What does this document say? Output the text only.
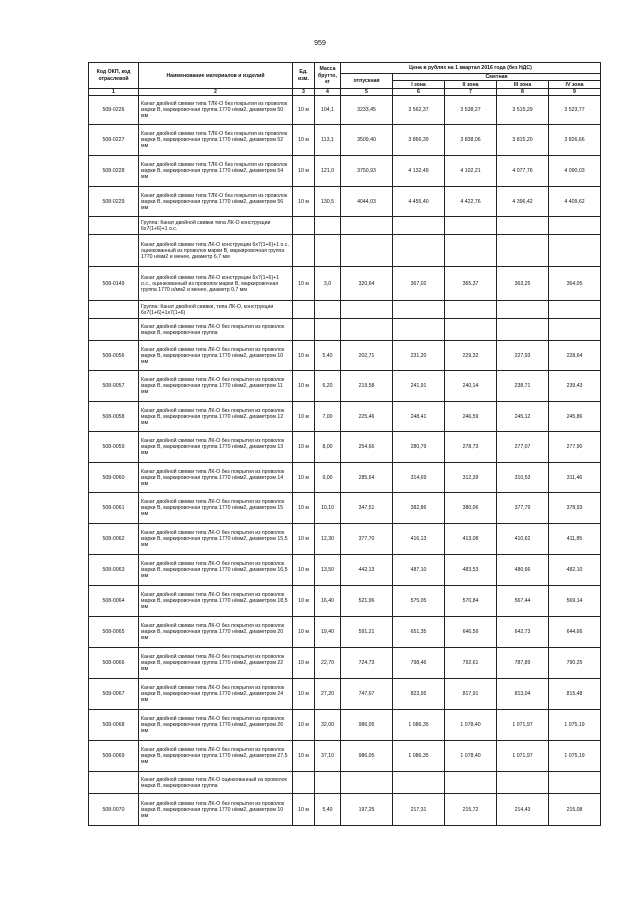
959
Код ОКП, код отраслевой	Наименование материалов и изделий	Ед. изм.	Масса брутто, кг	Цена в рублях на 1 квартал 2016 года (без НДС)				
				отпускная	Сметная			
					I зона	II зона	III зона	IV зона
1	2	3	4	5	6	7	8	9
508-0226	Канат двойной свивки типа ТЛК-О без покрытия из проволок марки В, маркировочная группа 1770 н/мм2, диаметром 50 мм	10 м	104,1	3233,45	3 562,37	3 538,27	3 515,29	3 523,77
508-0227	Канат двойной свивки типа ТЛК-О без покрытия из проволок марки В, маркировочная группа 1770 н/мм2, диаметром 52 мм	10 м	113,1	3509,40	3 866,39	3 838,06	3 815,20	3 826,66
508-0228	Канат двойной свивки типа ТЛК-О без покрытия из проволок марки В, маркировочная группа 1770 н/мм2, диаметром 54 мм	10 м	121,0	3750,93	4 132,49	4 102,21	4 077,76	4 090,03
508-0229	Канат двойной свивки типа ТЛК-О без покрытия из проволок марки В, маркировочная группа 1770 н/мм2, диаметром 56 мм	10 м	130,5	4044,03	4 455,40	4 422,76	4 396,42	4 409,62
	Группа: Канат двойной свивки типа ЛК-О конструкции 6х7(1+6)+1 о.с.							
	Канат двойной свивки типа ЛК-О конструкции 6х7(1+6)+1 о.с. оцинкованный из проволок марки В, маркировочная группа 1770 н/мм2 и менее, диаметр 6,7 мм							
508-0149	Канат двойной свивки типа ЛК-О конструкции 6х7(1+6)+1 о.с., оцинкованный из проволок марки В, маркировочная группа 1770 н/мм2 и менее, диаметр 0,7 мм	10 м	3,0	320,64	367,02	365,37	363,25	364,05
	Группа: Канат двойной свивки, типа ЛК-О, конструкции 6х7(1+6)+1х7(1+6)							
	Канат двойной свивки типа ЛК-О без покрытия из проволок марки В, маркировочная группа							
508-0056	Канат двойной свивки типа ЛК-О без покрытия из проволок марки В, маркировочная группа 1770 н/мм2, диаметром 10 мм	10 м	5,40	202,71	231,20	229,32	227,93	228,64
508-0057	Канат двойной свивки типа ЛК-О без покрытия из проволок марки В, маркировочная группа 1770 н/мм2, диаметром 11 мм	10 м	6,20	219,58	241,91	240,14	238,71	239,43
508-0058	Канат двойной свивки типа ЛК-О без покрытия из проволок марки В, маркировочная группа 1770 н/мм2, диаметром 12 мм	10 м	7,00	225,46	248,41	246,59	245,12	245,86
508-0059	Канат двойной свивки типа ЛК-О без покрытия из проволок марки В, маркировочная группа 1770 н/мм2, диаметром 13 мм	10 м	8,00	254,66	280,79	278,73	277,07	277,90
508-0060	Канат двойной свивки типа ЛК-О без покрытия из проволок марки В, маркировочная группа 1770 н/мм2, диаметром 14 мм	10 м	9,00	285,64	314,69	312,39	310,53	311,46
508-0061	Канат двойной свивки типа ЛК-О без покрытия из проволок марки В, маркировочная группа 1770 н/мм2, диаметром 15 мм	10 м	10,10	347,51	382,86	380,06	377,79	378,93
508-0062	Канат двойной свивки типа ЛК-О без покрытия из проволок марки В, маркировочная группа 1770 н/мм2, диаметром 15,5 мм	10 м	12,30	377,70	416,13	413,08	410,62	411,85
508-0063	Канат двойной свивки типа ЛК-О без покрытия из проволок марки В, маркировочная группа 1770 н/мм2, диаметром 16,5 мм	10 м	13,50	442,13	487,10	483,53	480,66	482,10
508-0064	Канат двойной свивки типа ЛК-О без покрытия из проволок марки В, маркировочная группа 1770 н/мм2, диаметром 18,5 мм	10 м	16,40	521,96	575,05	570,84	567,44	569,14
508-0065	Канат двойной свивки типа ЛК-О без покрытия из проволок марки В, маркировочная группа 1770 н/мм2, диаметром 20 мм	10 м	19,40	591,21	651,35	646,59	642,73	644,66
508-0066	Канат двойной свивки типа ЛК-О без покрытия из проволок марки В, маркировочная группа 1770 н/мм2, диаметром 22 мм	10 м	22,70	724,73	798,46	792,61	787,89	790,25
508-0067	Канат двойной свивки типа ЛК-О без покрытия из проволок марки В, маркировочная группа 1770 н/мм2, диаметром 24 мм	10 м	27,20	747,67	823,95	817,91	813,04	815,48
508-0068	Канат двойной свивки типа ЛК-О без покрытия из проволок марки В, маркировочная группа 1770 н/мм2, диаметром 26 мм	10 м	32,00	986,05	1 086,35	1 078,40	1 071,97	1 075,19
508-0069	Канат двойной свивки типа ЛК-О без покрытия из проволок марки В, маркировочная группа 1770 н/мм2, диаметром 27,5 мм	10 м	37,10	986,05	1 086,35	1 078,40	1 071,97	1 075,19
	Канат двойной свивки типа ЛК-О оцинкованный из проволок марки В, маркировочная группа							
508-0070	Канат двойной свивки типа ЛК-О без покрытия из проволок марки В, маркировочная группа 1770 н/мм2, диаметром 10 мм	10 м	5,40	197,25	217,31	215,72	214,43	215,08
